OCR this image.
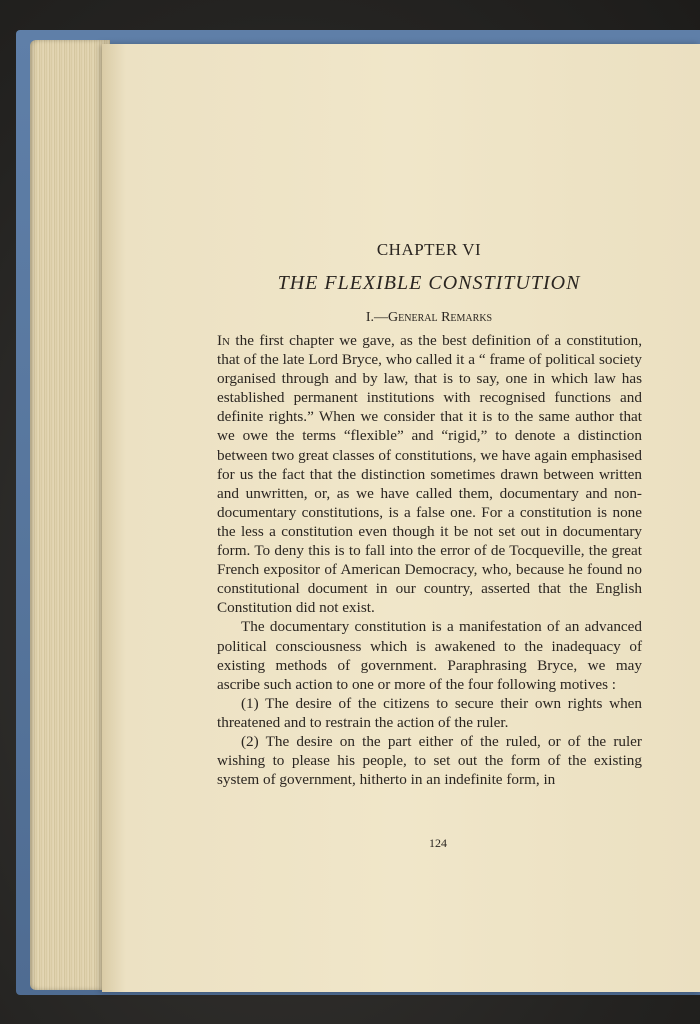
CHAPTER VI
THE FLEXIBLE CONSTITUTION
I.—General Remarks

In the first chapter we gave, as the best definition of a constitution, that of the late Lord Bryce, who called it a “ frame of political society organised through and by law, that is to say, one in which law has established permanent institutions with recognised functions and definite rights.” When we consider that it is to the same author that we owe the terms “flexible” and “rigid,” to denote a distinction between two great classes of constitutions, we have again emphasised for us the fact that the distinction sometimes drawn between written and unwritten, or, as we have called them, documentary and non-documentary constitutions, is a false one. For a constitution is none the less a constitution even though it be not set out in documentary form. To deny this is to fall into the error of de Tocqueville, the great French expositor of American Democracy, who, because he found no constitutional document in our country, asserted that the English Constitution did not exist.

The documentary constitution is a manifestation of an advanced political consciousness which is awakened to the inadequacy of existing methods of government. Paraphrasing Bryce, we may ascribe such action to one or more of the four following motives :

(1) The desire of the citizens to secure their own rights when threatened and to restrain the action of the ruler.

(2) The desire on the part either of the ruled, or of the ruler wishing to please his people, to set out the form of the existing system of government, hitherto in an indefinite form, in

124
